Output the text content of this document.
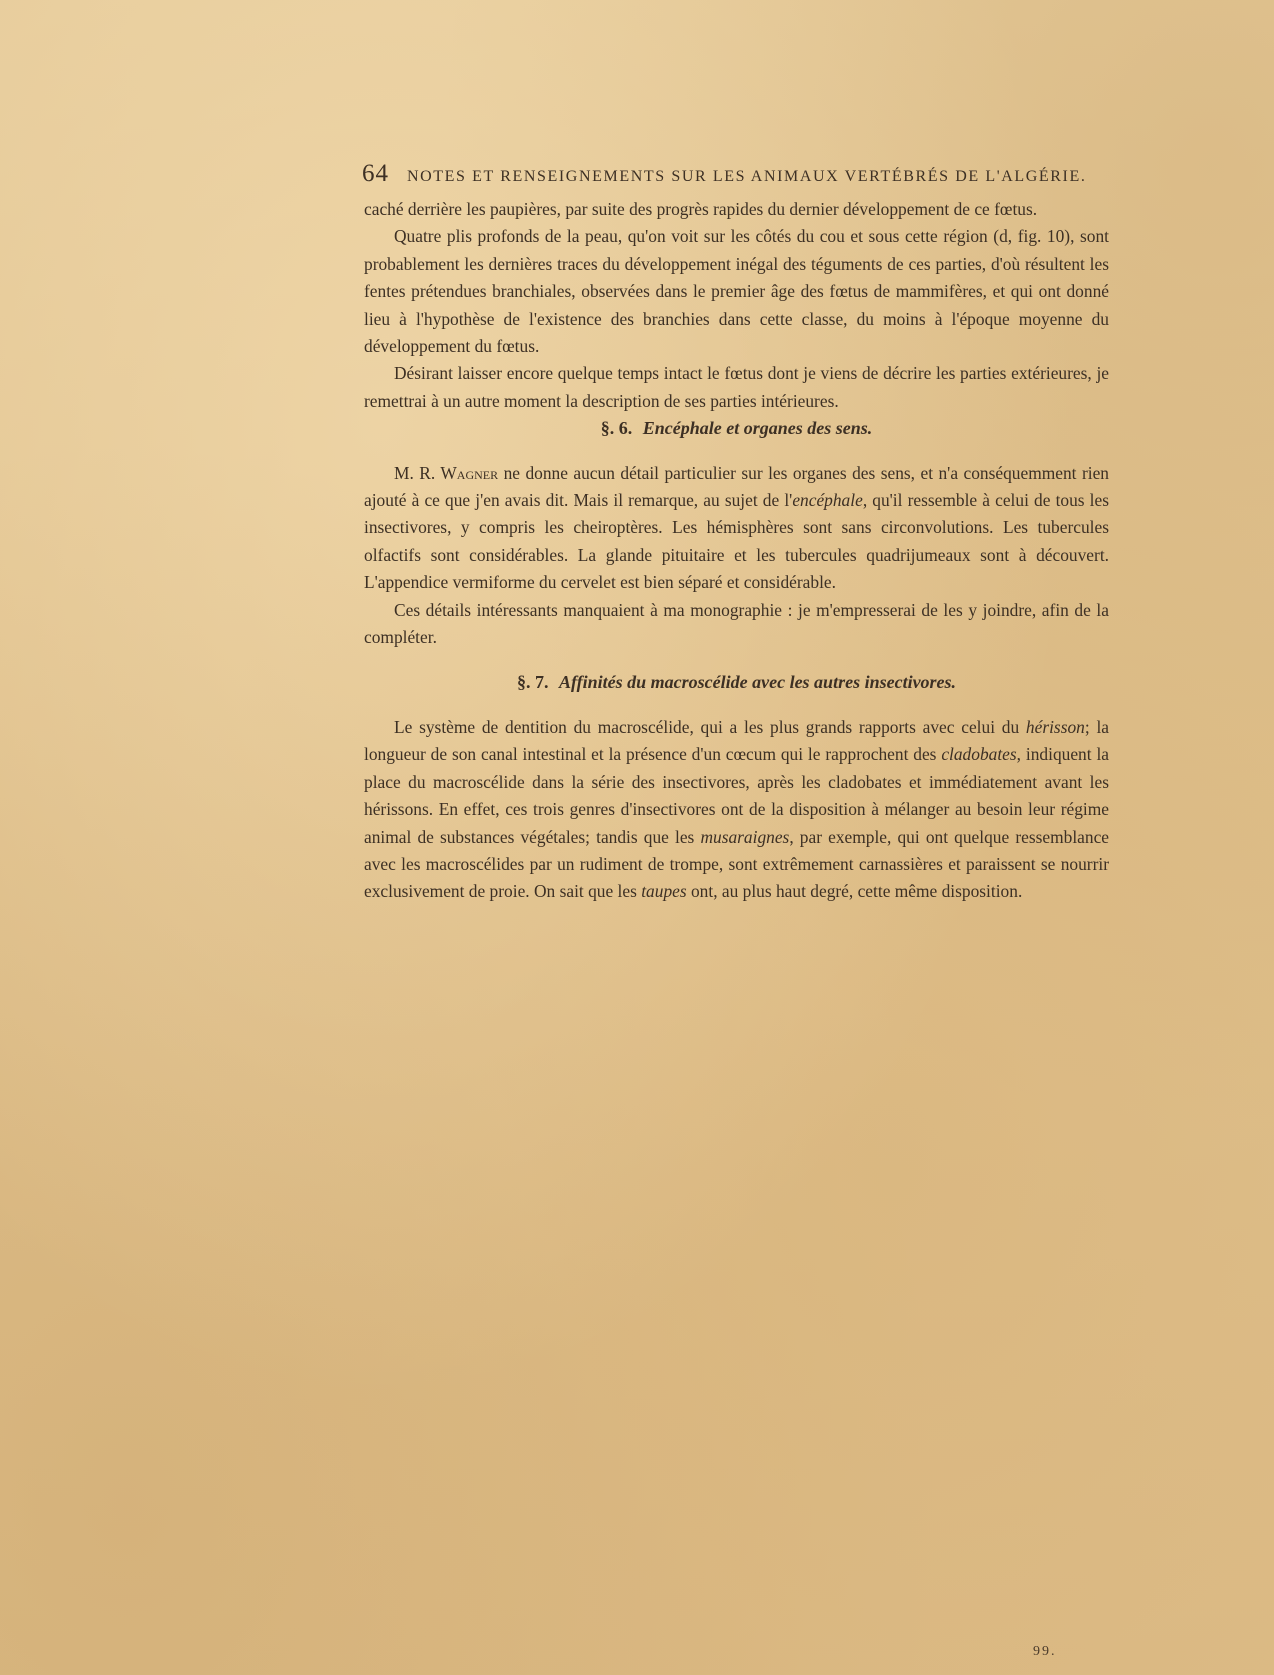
64 NOTES ET RENSEIGNEMENTS SUR LES ANIMAUX VERTÉBRÉS DE L'ALGÉRIE.

caché derrière les paupières, par suite des progrès rapides du dernier développement de ce fœtus.

Quatre plis profonds de la peau, qu'on voit sur les côtés du cou et sous cette région (d, fig. 10), sont probablement les dernières traces du développement inégal des téguments de ces parties, d'où résultent les fentes prétendues branchiales, observées dans le premier âge des fœtus de mammifères, et qui ont donné lieu à l'hypothèse de l'existence des branchies dans cette classe, du moins à l'époque moyenne du développement du fœtus.

Désirant laisser encore quelque temps intact le fœtus dont je viens de décrire les parties extérieures, je remettrai à un autre moment la description de ses parties intérieures.

§. 6. Encéphale et organes des sens.

M. R. Wagner ne donne aucun détail particulier sur les organes des sens, et n'a conséquemment rien ajouté à ce que j'en avais dit. Mais il remarque, au sujet de l'encéphale, qu'il ressemble à celui de tous les insectivores, y compris les cheiroptères. Les hémisphères sont sans circonvolutions. Les tubercules olfactifs sont considérables. La glande pituitaire et les tubercules quadrijumeaux sont à découvert. L'appendice vermiforme du cervelet est bien séparé et considérable.

Ces détails intéressants manquaient à ma monographie : je m'empresserai de les y joindre, afin de la compléter.

§. 7. Affinités du macroscélide avec les autres insectivores.

Le système de dentition du macroscélide, qui a les plus grands rapports avec celui du hérisson; la longueur de son canal intestinal et la présence d'un cœcum qui le rapprochent des cladobates, indiquent la place du macroscélide dans la série des insectivores, après les cladobates et immédiatement avant les hérissons. En effet, ces trois genres d'insectivores ont de la disposition à mélanger au besoin leur régime animal de substances végétales; tandis que les musaraignes, par exemple, qui ont quelque ressemblance avec les macroscélides par un rudiment de trompe, sont extrêmement carnassières et paraissent se nourrir exclusivement de proie. On sait que les taupes ont, au plus haut degré, cette même disposition.

99.
